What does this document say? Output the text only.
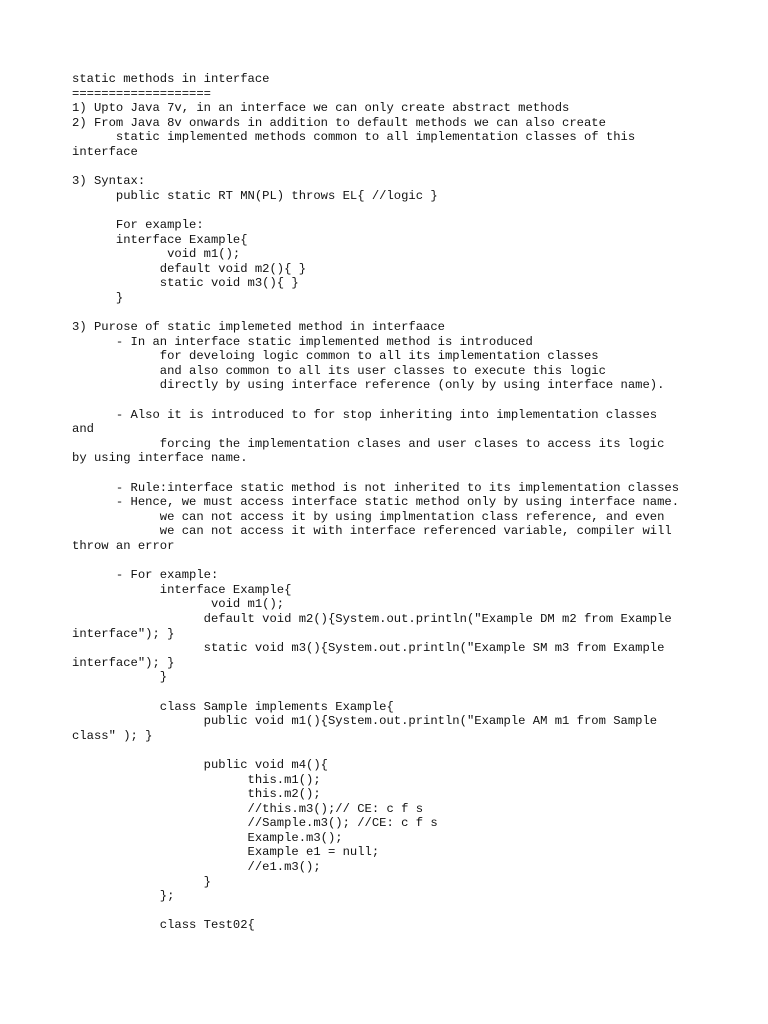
static methods in interface
===================
1) Upto Java 7v, in an interface we can only create abstract methods
2) From Java 8v onwards in addition to default methods we can also create
static implemented methods common to all implementation classes of this
interface
3) Syntax:
public static RT MN(PL) throws EL{ //logic }
For example:
interface Example{
void m1();
default void m2(){ }
static void m3(){ }
}
3) Purose of static implemeted method in interfaace
- In an interface static implemented method is introduced
for develoing logic common to all its implementation classes
and also common to all its user classes to execute this logic
directly by using interface reference (only by using interface name).
- Also it is introduced to for stop inheriting into implementation classes
and
forcing the implementation clases and user clases to access its logic
by using interface name.
- Rule:interface static method is not inherited to its implementation classes
- Hence, we must access interface static method only by using interface name.
we can not access it by using implmentation class reference, and even
we can not access it with interface referenced variable, compiler will
throw an error
- For example:
interface Example{
void m1();
default void m2(){System.out.println("Example DM m2 from Example
interface"); }
static void m3(){System.out.println("Example SM m3 from Example
interface"); }
}
class Sample implements Example{
public void m1(){System.out.println("Example AM m1 from Sample
class" ); }
public void m4(){
this.m1();
this.m2();
//this.m3();// CE: c f s
//Sample.m3(); //CE: c f s
Example.m3();
Example e1 = null;
//e1.m3();
}
};
class Test02{
